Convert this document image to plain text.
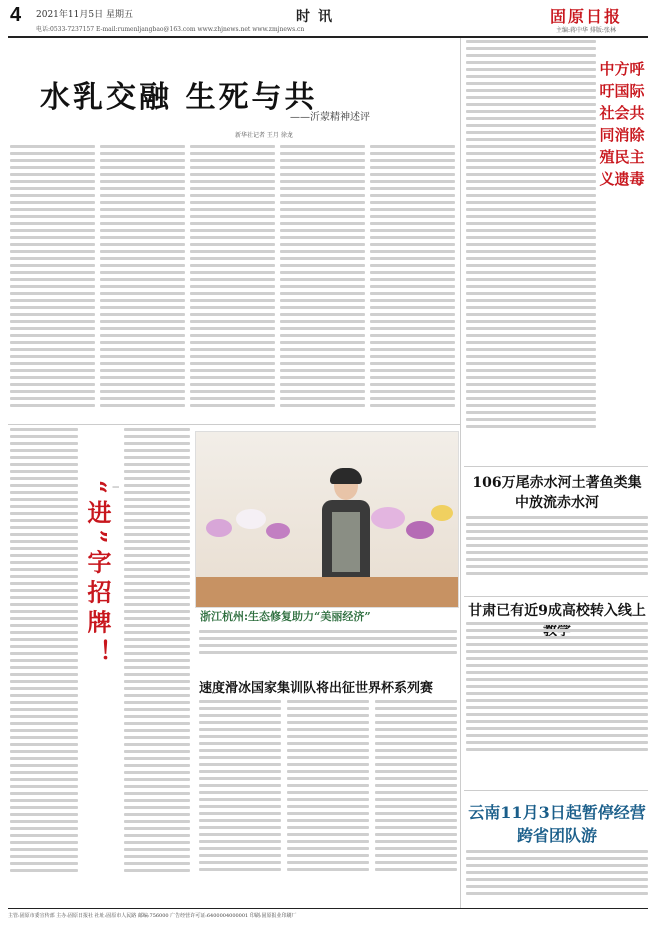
4 2021年11月5日 星期五	时讯	固原日报
电话:0533-7237157 E-mail:rumenljangbao@163.com www.zhjnews.net www.zmjnews.cn	主编:蒋中华 排版:张林
水乳交融 生死与共
——沂蒙精神述评
新华社记者 王月 徐龙
中方呼吁国际社会共同消除殖民主义遗毒
106万尾赤水河土著鱼类集中放流赤水河
甘肃已有近9成高校转入线上
云南11月3日起暂停经营跨省团队游
“进”字招牌！ |
浙江杭州:生态修复助力“美丽经济”
速度滑冰国家集训队将出征世界杯系列赛
主管:固原市委宣传部 主办:固原日报社 社址:固原市人民路 邮编:756000 广告经营许可证:6400004000001 印刷:固原报业印刷厂
